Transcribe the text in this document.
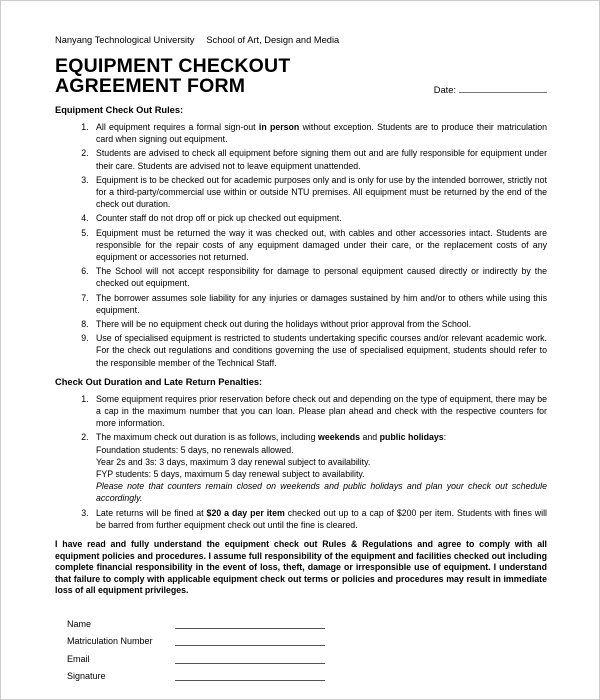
Nanyang Technological University School of Art, Design and Media
EQUIPMENT CHECKOUT
AGREEMENT FORM	Date:
Equipment Check Out Rules:
1. All equipment requires a formal sign-out in person without exception. Students are to produce their matriculation card when signing out equipment.
2. Students are advised to check all equipment before signing them out and are fully responsible for equipment under their care. Students are advised not to leave equipment unattended.
3. Equipment is to be checked out for academic purposes only and is only for use by the intended borrower, strictly not for a third-party/commercial use within or outside NTU premises. All equipment must be returned by the end of the check out duration.
4. Counter staff do not drop off or pick up checked out equipment.
5. Equipment must be returned the way it was checked out, with cables and other accessories intact. Students are responsible for the repair costs of any equipment damaged under their care, or the replacement costs of any equipment or accessories not returned.
6. The School will not accept responsibility for damage to personal equipment caused directly or indirectly by the checked out equipment.
7. The borrower assumes sole liability for any injuries or damages sustained by him and/or to others while using this equipment.
8. There will be no equipment check out during the holidays without prior approval from the School.
9. Use of specialised equipment is restricted to students undertaking specific courses and/or relevant academic work. For the check out regulations and conditions governing the use of specialised equipment, students should refer to the responsible member of the Technical Staff.
Check Out Duration and Late Return Penalties:
1. Some equipment requires prior reservation before check out and depending on the type of equipment, there may be a cap in the maximum number that you can loan. Please plan ahead and check with the respective counters for more information.
2. The maximum check out duration is as follows, including weekends and public holidays:
Foundation students: 5 days, no renewals allowed.
Year 2s and 3s: 3 days, maximum 3 day renewal subject to availability.
FYP students: 5 days, maximum 5 day renewal subject to availability.
Please note that counters remain closed on weekends and public holidays and plan your check out schedule accordingly.
3. Late returns will be fined at $20 a day per item checked out up to a cap of $200 per item. Students with fines will be barred from further equipment check out until the fine is cleared.

I have read and fully understand the equipment check out Rules & Regulations and agree to comply with all equipment policies and procedures. I assume full responsibility of the equipment and facilities checked out including complete financial responsibility in the event of loss, theft, damage or irresponsible use of equipment. I understand that failure to comply with applicable equipment check out terms or policies and procedures may result in immediate loss of all equipment privileges.

Name
Matriculation Number
Email
Signature
